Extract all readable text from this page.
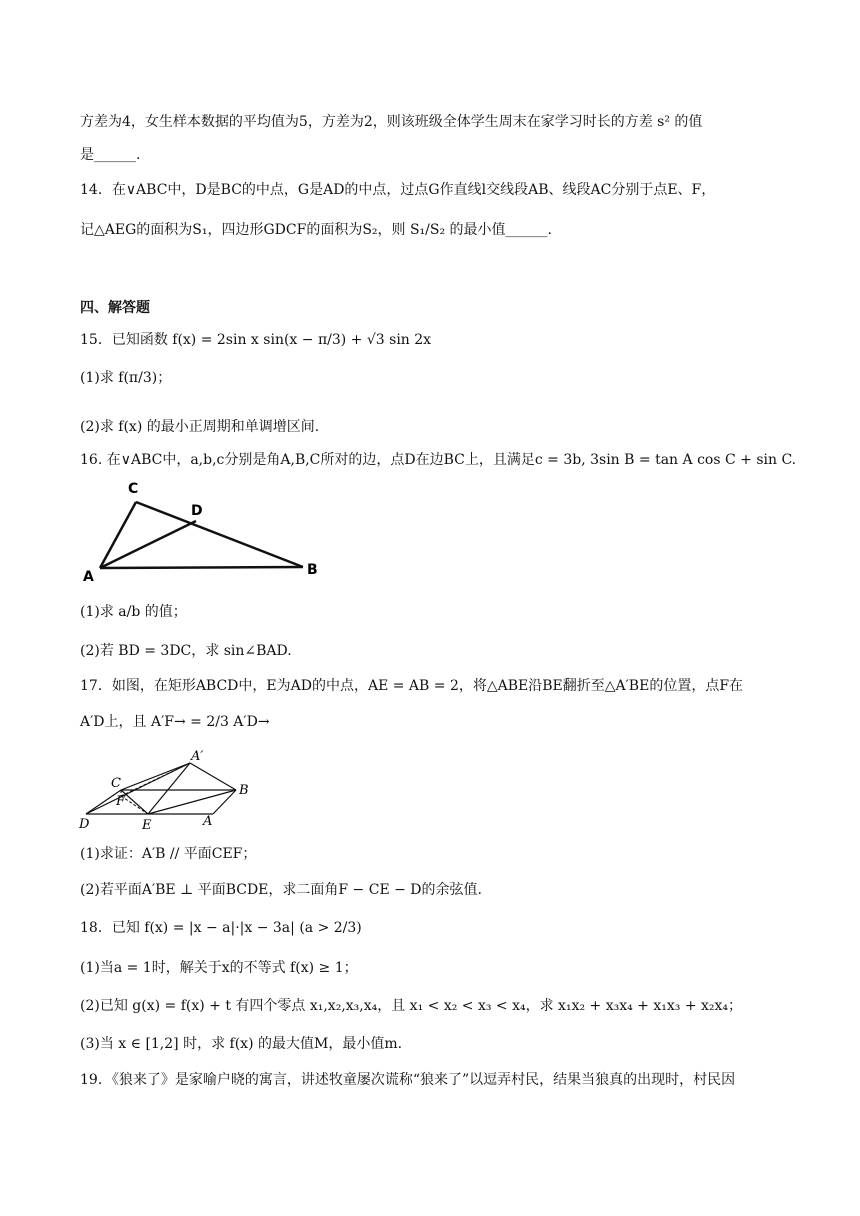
方差为4，女生样本数据的平均值为5，方差为2，则该班级全体学生周末在家学习时长的方差 s² 的值
是______.
14．在∨ABC中，D是BC的中点，G是AD的中点，过点G作直线l交线段AB、线段AC分别于点E、F，
记△AEG的面积为S₁，四边形GDCF的面积为S₂，则 S₁/S₂ 的最小值______.
四、解答题
15．已知函数 f(x) = 2sin x sin(x − π/3) + √3 sin 2x
(1)求 f(π/3)；
(2)求 f(x) 的最小正周期和单调增区间.
16. 在∨ABC中，a,b,c分别是角A,B,C所对的边，点D在边BC上，且满足c = 3b, 3sin B = tan A cos C + sin C.
C
D
A	B
(1)求 a/b 的值；
(2)若 BD = 3DC，求 sin∠BAD.
17．如图，在矩形ABCD中，E为AD的中点，AE = AB = 2，将△ABE沿BE翻折至△A′BE的位置，点F在
A′D上，且 A′F→ = 2/3 A′D→
A′
C	B
F
D	E	A
(1)求证：A′B // 平面CEF；
(2)若平面A′BE ⊥ 平面BCDE，求二面角F − CE − D的余弦值.
18．已知 f(x) = |x − a|·|x − 3a| (a > 2/3)
(1)当a = 1时，解关于x的不等式 f(x) ≥ 1；
(2)已知 g(x) = f(x) + t 有四个零点 x₁,x₂,x₃,x₄，且 x₁ < x₂ < x₃ < x₄，求 x₁x₂ + x₃x₄ + x₁x₃ + x₂x₄；
(3)当 x ∈ [1,2] 时，求 f(x) 的最大值M，最小值m.
19．《狼来了》是家喻户晓的寓言，讲述牧童屡次谎称“狼来了”以逗弄村民，结果当狼真的出现时，村民因
